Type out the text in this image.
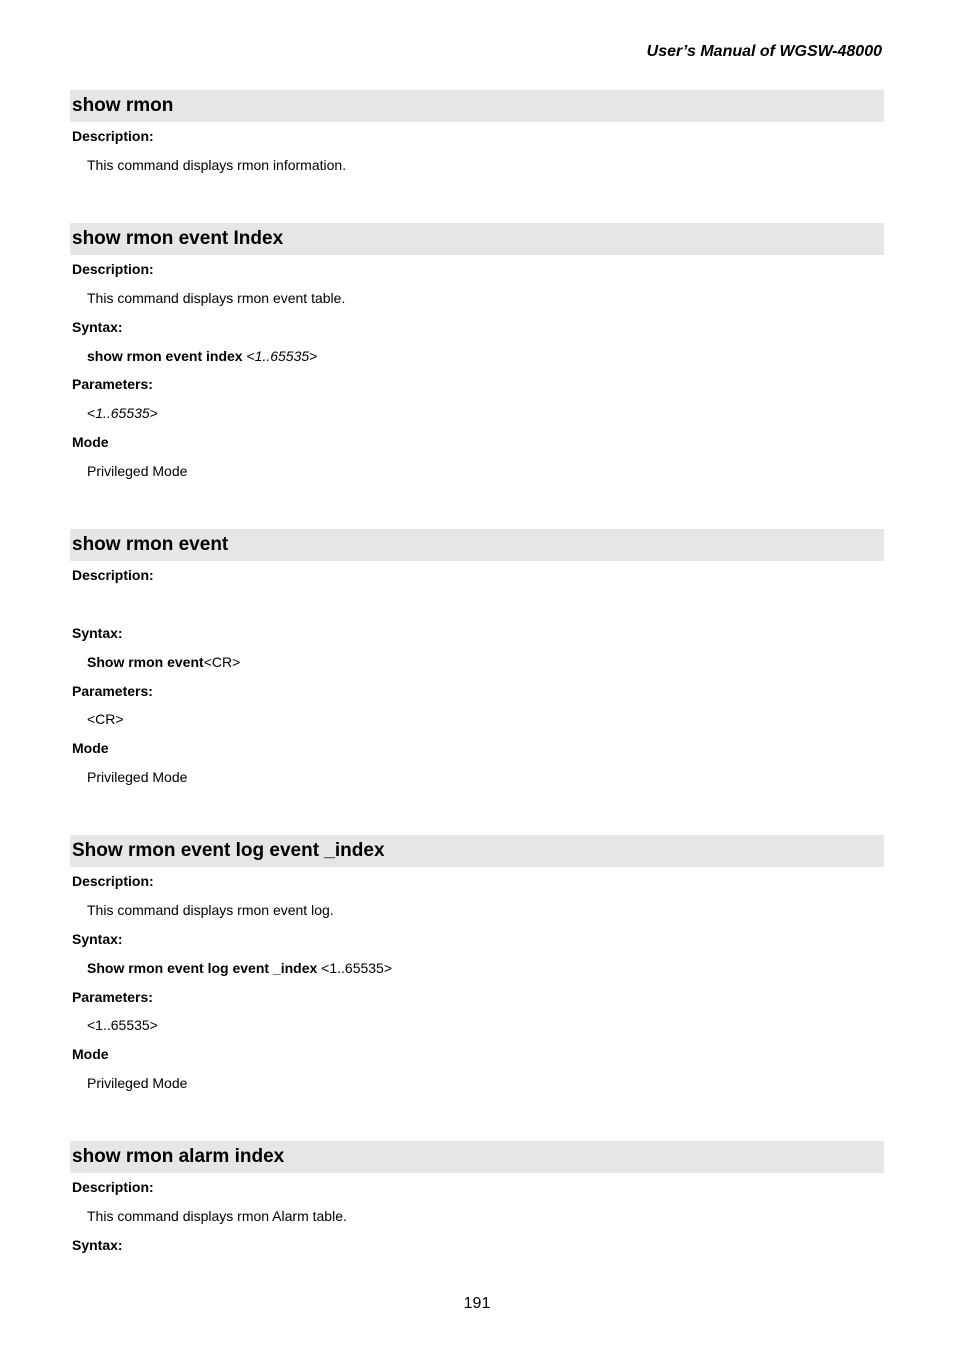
User’s Manual of WGSW-48000
show rmon
Description:
This command displays rmon information.
show rmon event Index
Description:
This command displays rmon event table.
Syntax:
show rmon event index <1..65535>
Parameters:
<1..65535>
Mode
Privileged Mode
show rmon event
Description:
Syntax:
Show rmon event<CR>
Parameters:
<CR>
Mode
Privileged Mode
Show rmon event log event _index
Description:
This command displays rmon event log.
Syntax:
Show rmon event log event _index <1..65535>
Parameters:
<1..65535>
Mode
Privileged Mode
show rmon alarm index
Description:
This command displays rmon Alarm table.
Syntax:
191
